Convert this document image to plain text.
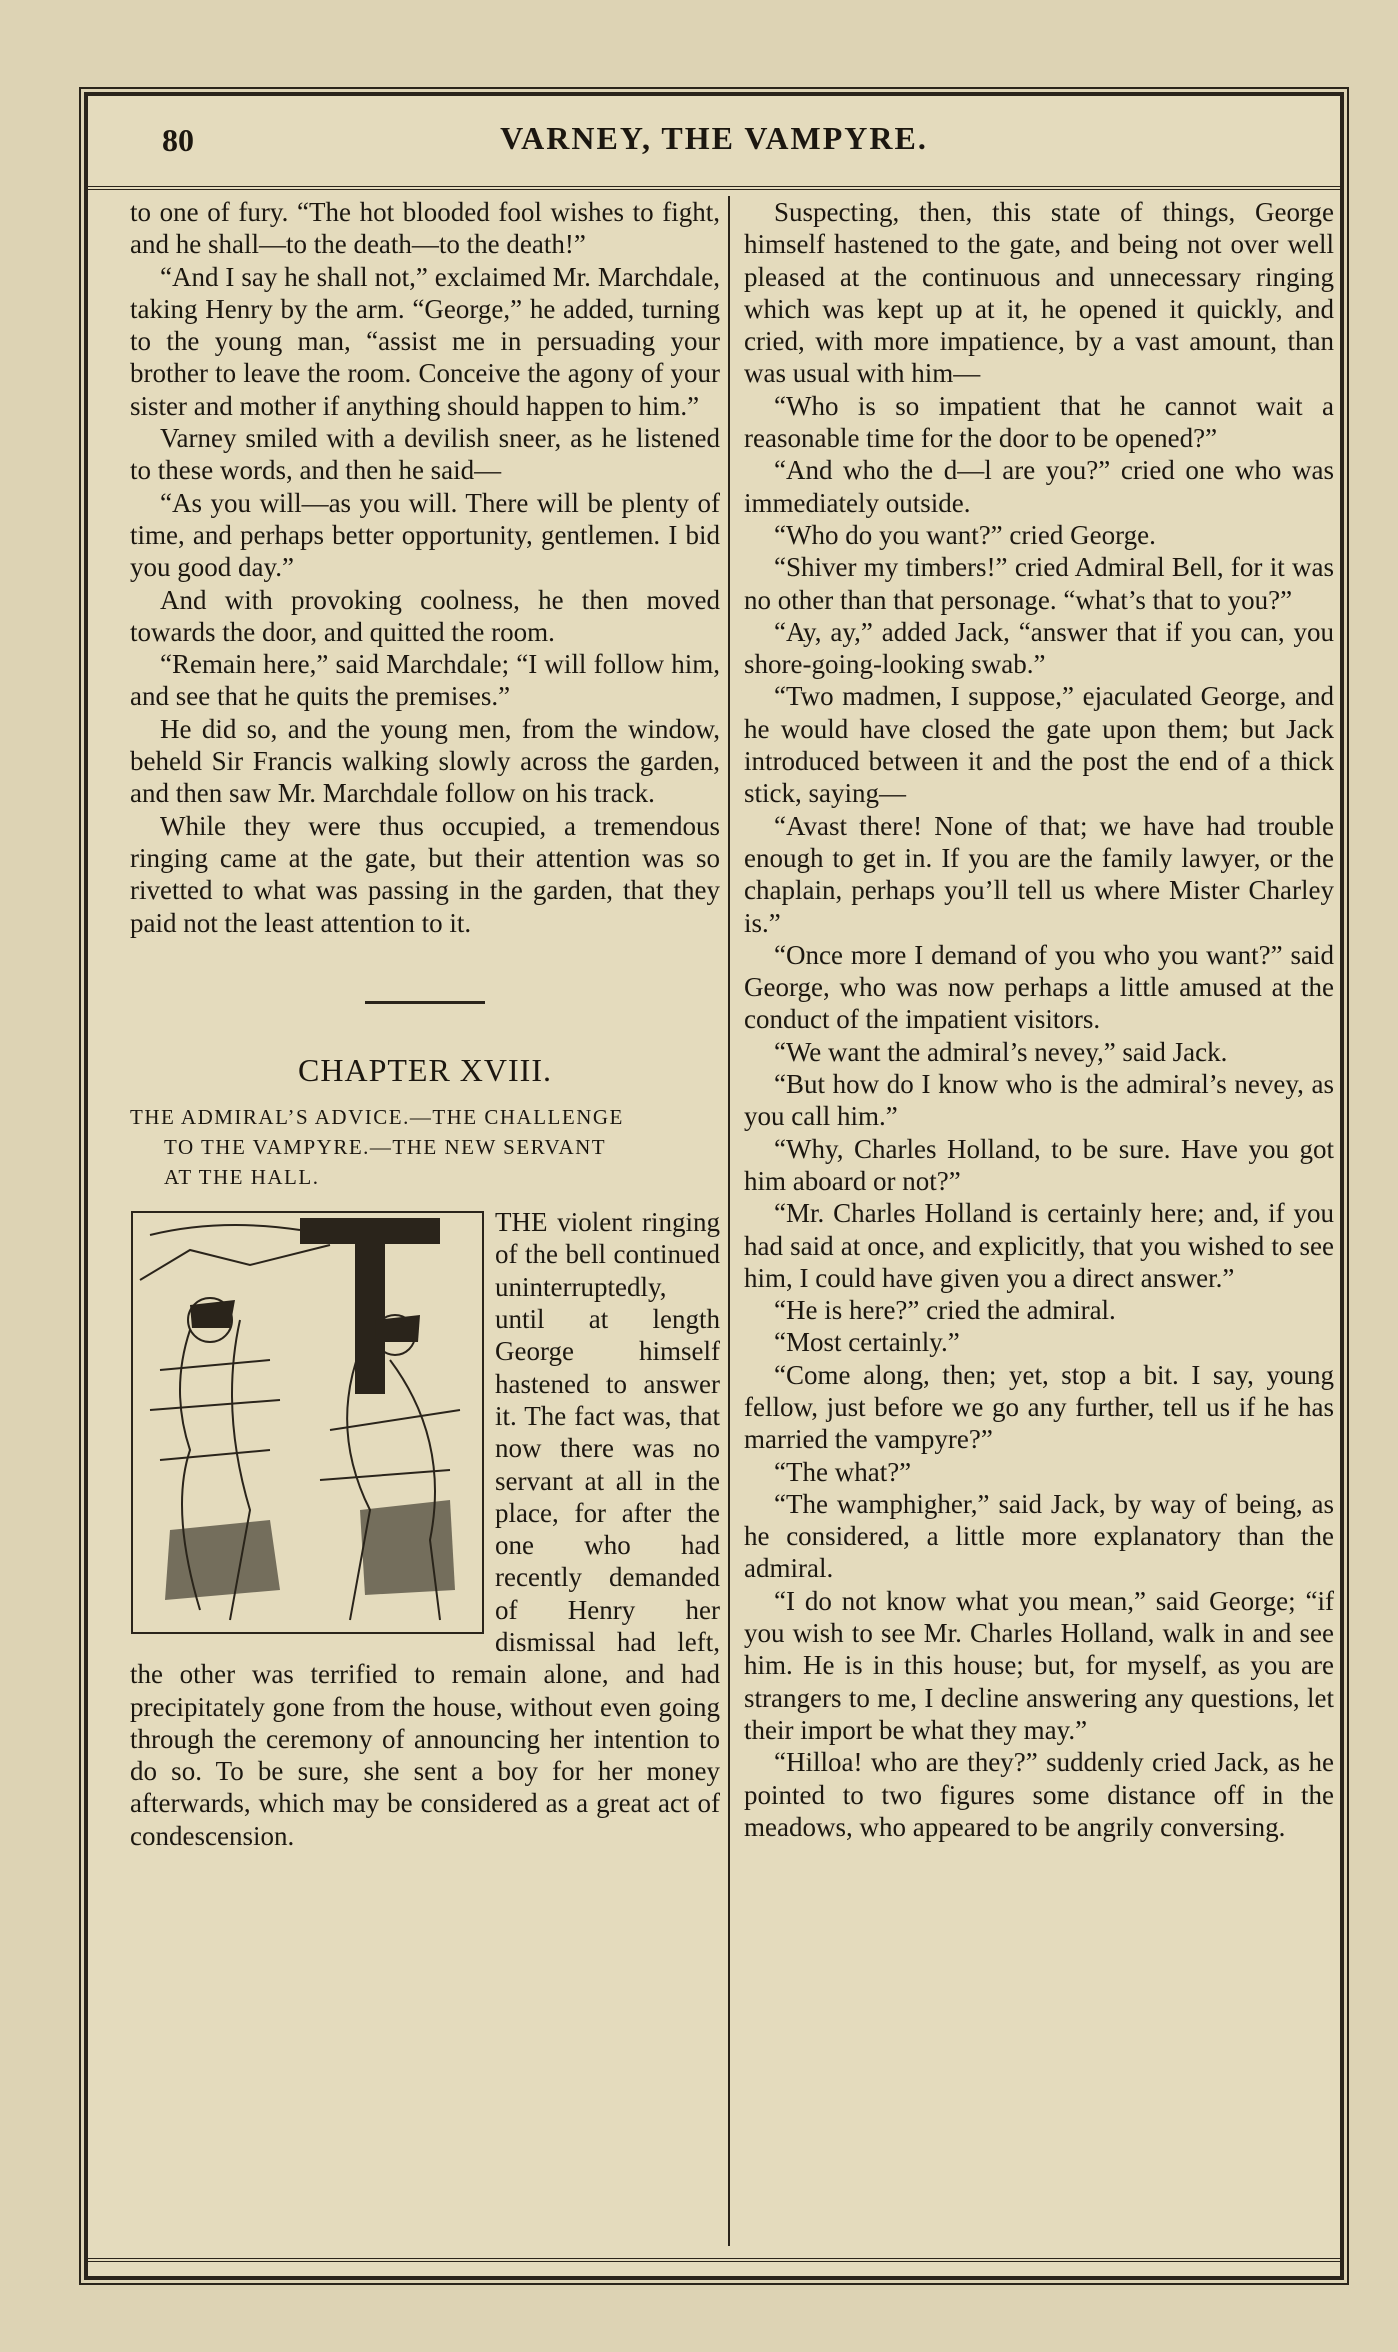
80	VARNEY, THE VAMPYRE.

to one of fury. “The hot blooded fool wishes to fight, and he shall—to the death—to the death!”

“And I say he shall not,” exclaimed Mr. Marchdale, taking Henry by the arm. “George,” he added, turning to the young man, “assist me in persuading your brother to leave the room. Conceive the agony of your sister and mother if anything should happen to him.”

Varney smiled with a devilish sneer, as he listened to these words, and then he said—

“As you will—as you will. There will be plenty of time, and perhaps better opportunity, gentlemen. I bid you good day.”

And with provoking coolness, he then moved towards the door, and quitted the room.

“Remain here,” said Marchdale; “I will follow him, and see that he quits the premises.”

He did so, and the young men, from the window, beheld Sir Francis walking slowly across the garden, and then saw Mr. Marchdale follow on his track.

While they were thus occupied, a tremendous ringing came at the gate, but their attention was so rivetted to what was passing in the garden, that they paid not the least attention to it.

CHAPTER XVIII.
THE ADMIRAL’S ADVICE.—THE CHALLENGE
TO THE VAMPYRE.—THE NEW SERVANT
AT THE HALL.

THE violent ringing of the bell continued uninterruptedly, until at length George himself hastened to answer it. The fact was, that now there was no servant at all in the place, for after the one who had recently demanded of Henry her dismissal had left, the other was terrified to remain alone, and had precipitately gone from the house, without even going through the ceremony of announcing her intention to do so. To be sure, she sent a boy for her money afterwards, which may be considered as a great act of condescension.

Suspecting, then, this state of things, George himself hastened to the gate, and being not over well pleased at the continuous and unnecessary ringing which was kept up at it, he opened it quickly, and cried, with more impatience, by a vast amount, than was usual with him—

“Who is so impatient that he cannot wait a reasonable time for the door to be opened?”

“And who the d—l are you?” cried one who was immediately outside.

“Who do you want?” cried George.

“Shiver my timbers!” cried Admiral Bell, for it was no other than that personage. “what’s that to you?”

“Ay, ay,” added Jack, “answer that if you can, you shore-going-looking swab.”

“Two madmen, I suppose,” ejaculated George, and he would have closed the gate upon them; but Jack introduced between it and the post the end of a thick stick, saying—

“Avast there! None of that; we have had trouble enough to get in. If you are the family lawyer, or the chaplain, perhaps you’ll tell us where Mister Charley is.”

“Once more I demand of you who you want?” said George, who was now perhaps a little amused at the conduct of the impatient visitors.

“We want the admiral’s nevey,” said Jack.

“But how do I know who is the admiral’s nevey, as you call him.”

“Why, Charles Holland, to be sure. Have you got him aboard or not?”

“Mr. Charles Holland is certainly here; and, if you had said at once, and explicitly, that you wished to see him, I could have given you a direct answer.”

“He is here?” cried the admiral.

“Most certainly.”

“Come along, then; yet, stop a bit. I say, young fellow, just before we go any further, tell us if he has married the vampyre?”

“The what?”

“The wamphigher,” said Jack, by way of being, as he considered, a little more explanatory than the admiral.

“I do not know what you mean,” said George; “if you wish to see Mr. Charles Holland, walk in and see him. He is in this house; but, for myself, as you are strangers to me, I decline answering any questions, let their import be what they may.”

“Hilloa! who are they?” suddenly cried Jack, as he pointed to two figures some distance off in the meadows, who appeared to be angrily conversing.
